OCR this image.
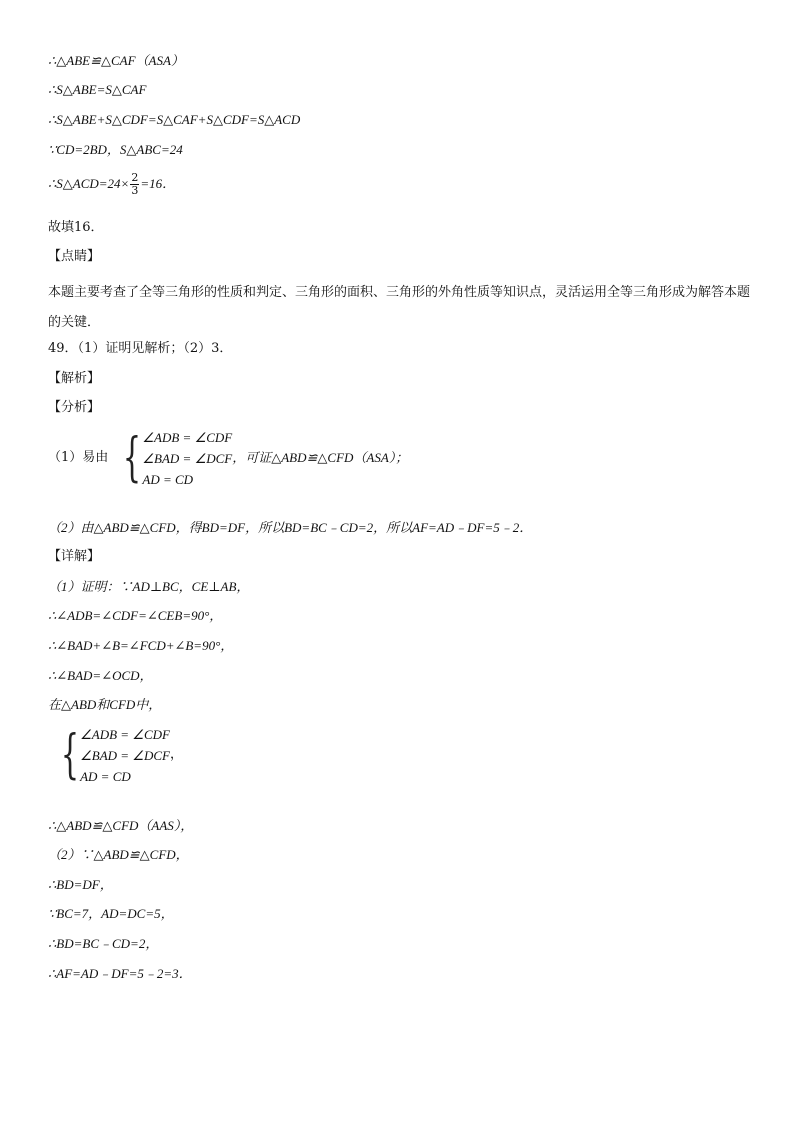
∴△ABE≌△CAF（ASA）
∴S△ABE=S△CAF
∴S△ABE+S△CDF=S△CAF+S△CDF=S△ACD
∵CD=2BD，S△ABC=24
∴S△ACD=24× $\frac{2}{3} =16$．
故填16．
【点睛】
本题主要考查了全等三角形的性质和判定、三角形的面积、三角形的外角性质等知识点，灵活运用全等三角形成为解答本题的关键．
49．（1）证明见解析；（2）3．
【解析】
【分析】
（1）易由 { ∠ADB = ∠CDF
∠BAD = ∠DCF
AD = CD
，可证△ABD≌△CFD（ASA）；
（2）由△ABD≌△CFD，得BD=DF，所以BD=BC﹣CD=2，所以AF=AD﹣DF=5﹣2．
【详解】
（1）证明：∵AD⊥BC，CE⊥AB，
∴∠ADB=∠CDF=∠CEB=90°，
∴∠BAD+∠B=∠FCD+∠B=90°，
∴∠BAD=∠OCD，
在△ABD和CFD中，
{ ∠ADB = ∠CDF
∠BAD = ∠DCF
AD = CD
，
∴△ABD≌△CFD（AAS），
（2）∵△ABD≌△CFD，
∴BD=DF，
∵BC=7，AD=DC=5，
∴BD=BC﹣CD=2，
∴AF=AD﹣DF=5﹣2=3．
